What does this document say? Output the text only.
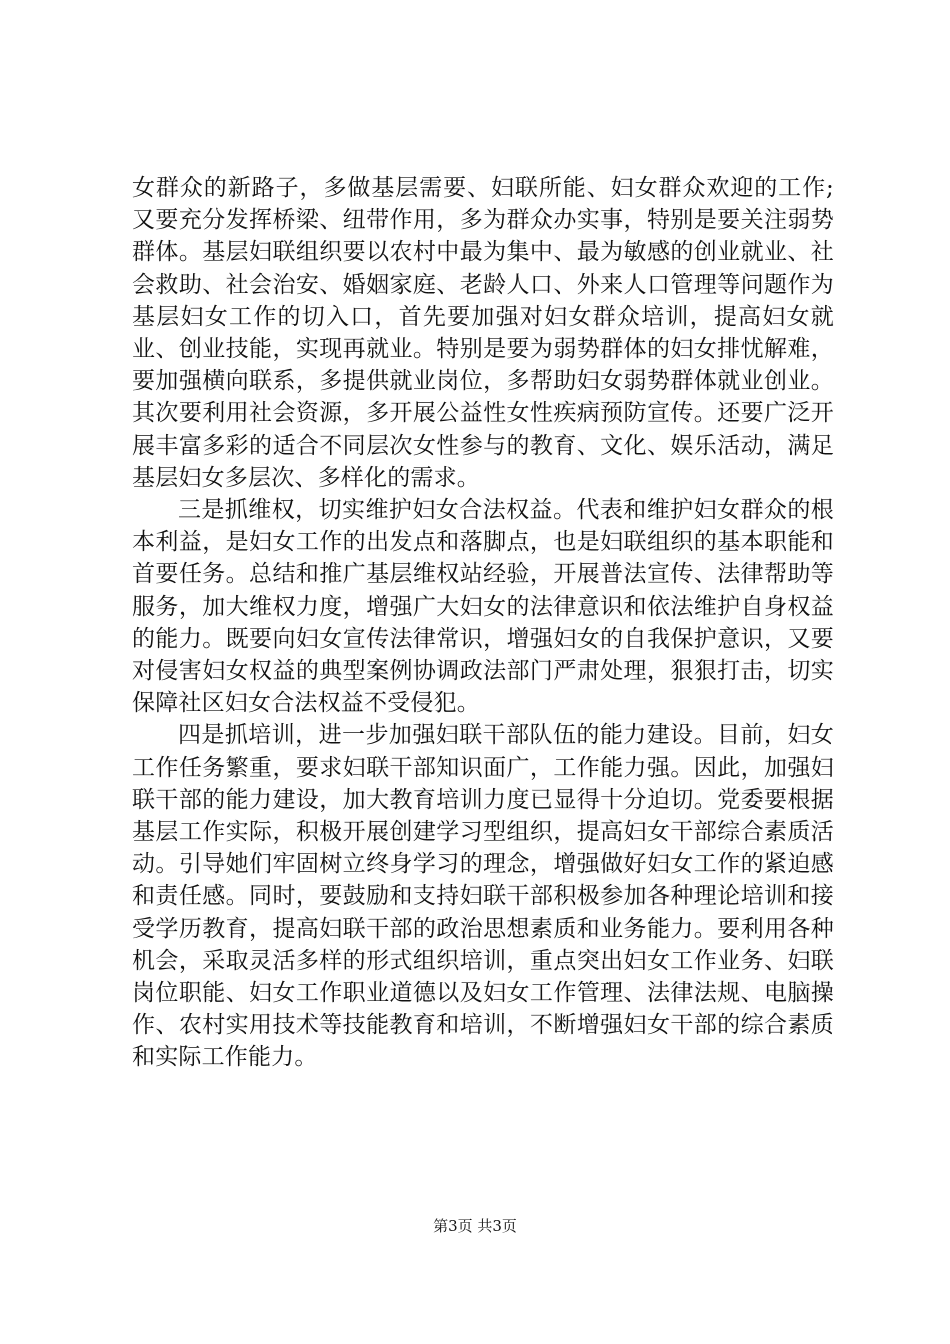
女群众的新路子，多做基层需要、妇联所能、妇女群众欢迎的工作;又要充分发挥桥梁、纽带作用，多为群众办实事，特别是要关注弱势群体。基层妇联组织要以农村中最为集中、最为敏感的创业就业、社会救助、社会治安、婚姻家庭、老龄人口、外来人口管理等问题作为基层妇女工作的切入口，首先要加强对妇女群众培训，提高妇女就业、创业技能，实现再就业。特别是要为弱势群体的妇女排忧解难，要加强横向联系，多提供就业岗位，多帮助妇女弱势群体就业创业。其次要利用社会资源，多开展公益性女性疾病预防宣传。还要广泛开展丰富多彩的适合不同层次女性参与的教育、文化、娱乐活动，满足基层妇女多层次、多样化的需求。

三是抓维权，切实维护妇女合法权益。代表和维护妇女群众的根本利益，是妇女工作的出发点和落脚点，也是妇联组织的基本职能和首要任务。总结和推广基层维权站经验，开展普法宣传、法律帮助等服务，加大维权力度，增强广大妇女的法律意识和依法维护自身权益的能力。既要向妇女宣传法律常识，增强妇女的自我保护意识，又要对侵害妇女权益的典型案例协调政法部门严肃处理，狠狠打击，切实保障社区妇女合法权益不受侵犯。

四是抓培训，进一步加强妇联干部队伍的能力建设。目前，妇女工作任务繁重，要求妇联干部知识面广，工作能力强。因此，加强妇联干部的能力建设，加大教育培训力度已显得十分迫切。党委要根据基层工作实际，积极开展创建学习型组织，提高妇女干部综合素质活动。引导她们牢固树立终身学习的理念，增强做好妇女工作的紧迫感和责任感。同时，要鼓励和支持妇联干部积极参加各种理论培训和接受学历教育，提高妇联干部的政治思想素质和业务能力。要利用各种机会，采取灵活多样的形式组织培训，重点突出妇女工作业务、妇联岗位职能、妇女工作职业道德以及妇女工作管理、法律法规、电脑操作、农村实用技术等技能教育和培训，不断增强妇女干部的综合素质和实际工作能力。

第3页 共3页
